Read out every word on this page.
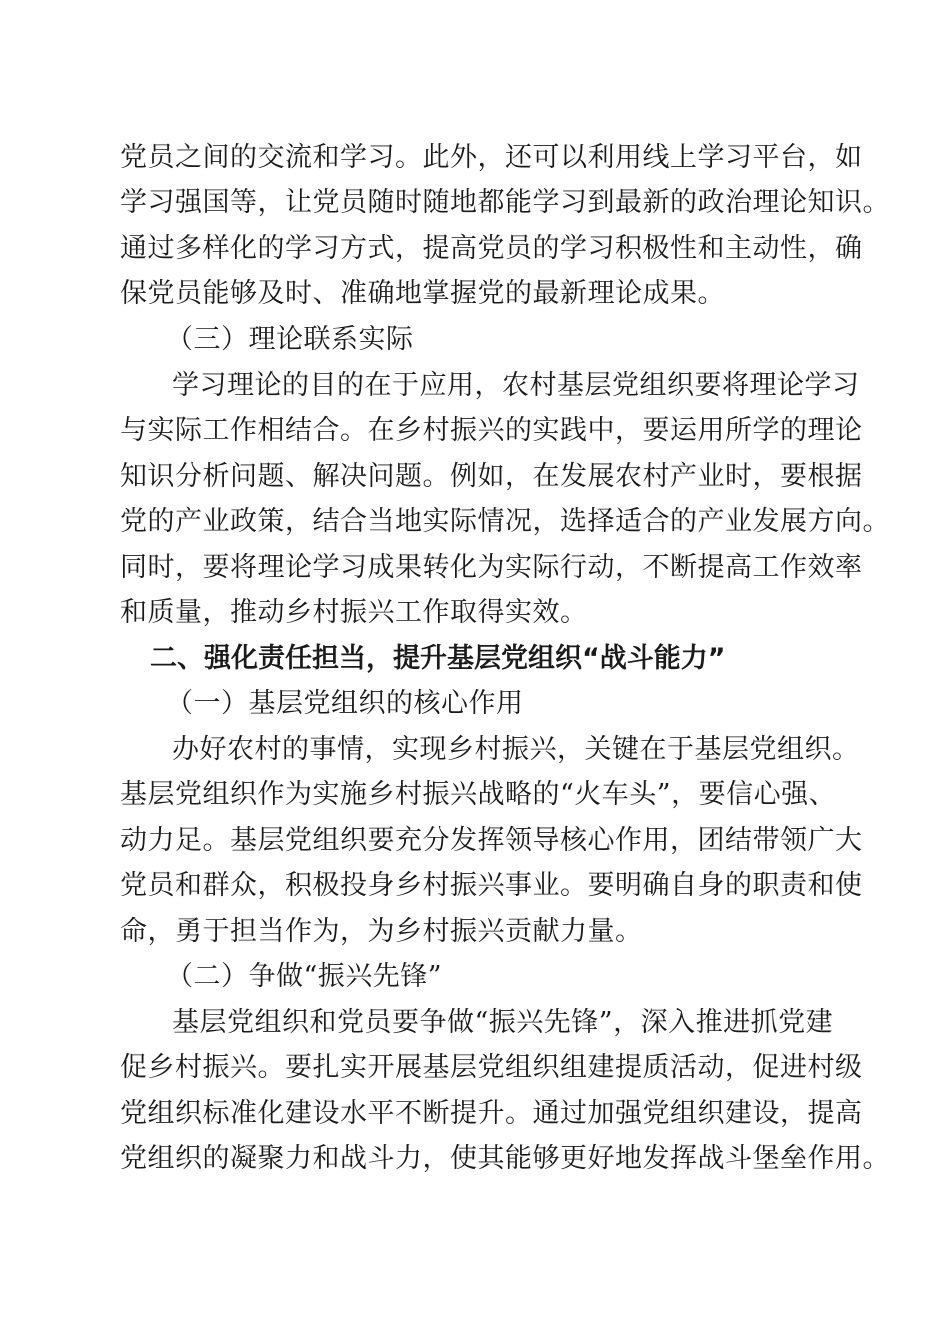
党员之间的交流和学习。此外，还可以利用线上学习平台，如
学习强国等，让党员随时随地都能学习到最新的政治理论知识。
通过多样化的学习方式，提高党员的学习积极性和主动性，确
保党员能够及时、准确地掌握党的最新理论成果。
（三）理论联系实际
学习理论的目的在于应用，农村基层党组织要将理论学习
与实际工作相结合。在乡村振兴的实践中，要运用所学的理论
知识分析问题、解决问题。例如，在发展农村产业时，要根据
党的产业政策，结合当地实际情况，选择适合的产业发展方向。
同时，要将理论学习成果转化为实际行动，不断提高工作效率
和质量，推动乡村振兴工作取得实效。
二、强化责任担当，提升基层党组织“战斗能力”
（一）基层党组织的核心作用
办好农村的事情，实现乡村振兴，关键在于基层党组织。
基层党组织作为实施乡村振兴战略的“火车头”，要信心强、
动力足。基层党组织要充分发挥领导核心作用，团结带领广大
党员和群众，积极投身乡村振兴事业。要明确自身的职责和使
命，勇于担当作为，为乡村振兴贡献力量。
（二）争做“振兴先锋”
基层党组织和党员要争做“振兴先锋”，深入推进抓党建
促乡村振兴。要扎实开展基层党组织组建提质活动，促进村级
党组织标准化建设水平不断提升。通过加强党组织建设，提高
党组织的凝聚力和战斗力，使其能够更好地发挥战斗堡垒作用。
